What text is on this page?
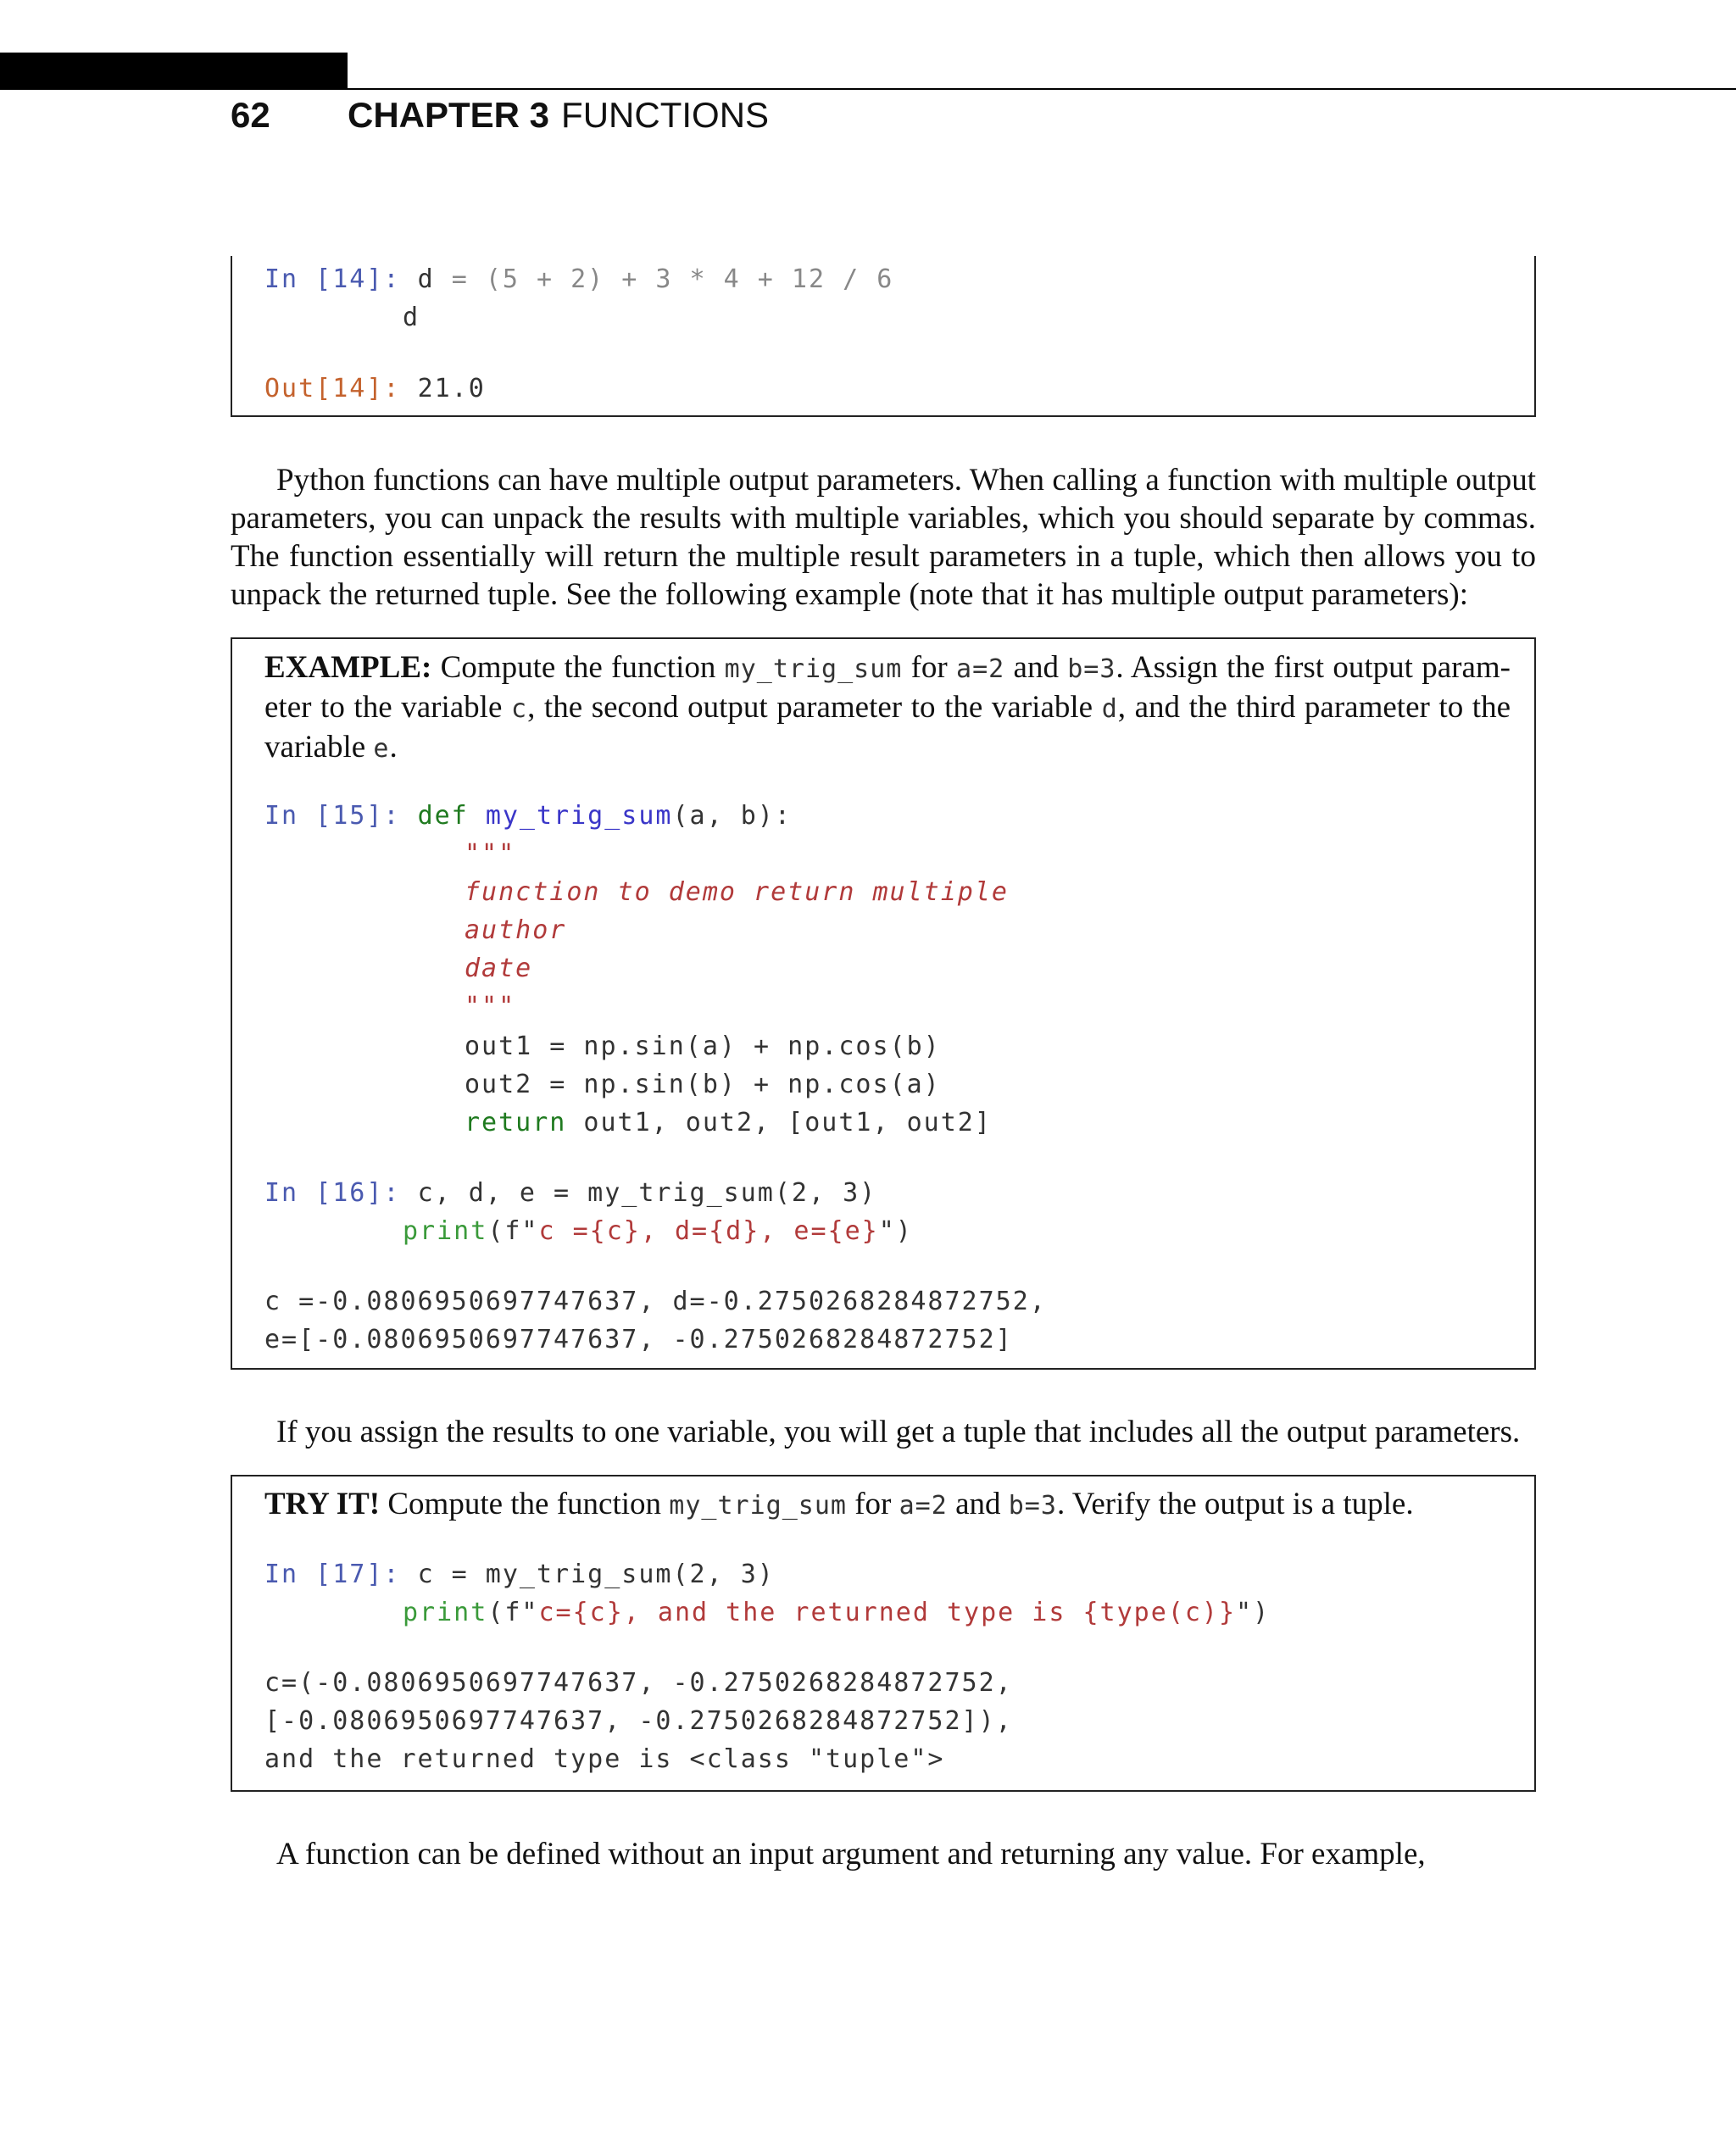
62 CHAPTER 3 FUNCTIONS
In [14]: d = (5 + 2) + 3 * 4 + 12 / 6
d
Out[14]: 21.0
Python functions can have multiple output parameters. When calling a function with multiple output parameters, you can unpack the results with multiple variables, which you should separate by commas. The function essentially will return the multiple result parameters in a tuple, which then allows you to unpack the returned tuple. See the following example (note that it has multiple output parameters):
EXAMPLE: Compute the function my_trig_sum for a=2 and b=3. Assign the first output param-eter to the variable c, the second output parameter to the variable d, and the third parameter to the variable e.
In [15]: def my_trig_sum(a, b):
"""
function to demo return multiple
author
date
"""
out1 = np.sin(a) + np.cos(b)
out2 = np.sin(b) + np.cos(a)
return out1, out2, [out1, out2]
In [16]: c, d, e = my_trig_sum(2, 3)
print(f"c ={c}, d={d}, e={e}")
c =-0.0806950697747637, d=-0.2750268284872752,
e=[-0.0806950697747637, -0.2750268284872752]
If you assign the results to one variable, you will get a tuple that includes all the output parameters.
TRY IT! Compute the function my_trig_sum for a=2 and b=3. Verify the output is a tuple.
In [17]: c = my_trig_sum(2, 3)
print(f"c={c}, and the returned type is {type(c)}")
c=(-0.0806950697747637, -0.2750268284872752,
[-0.0806950697747637, -0.2750268284872752]),
and the returned type is <class "tuple">
A function can be defined without an input argument and returning any value. For example,
